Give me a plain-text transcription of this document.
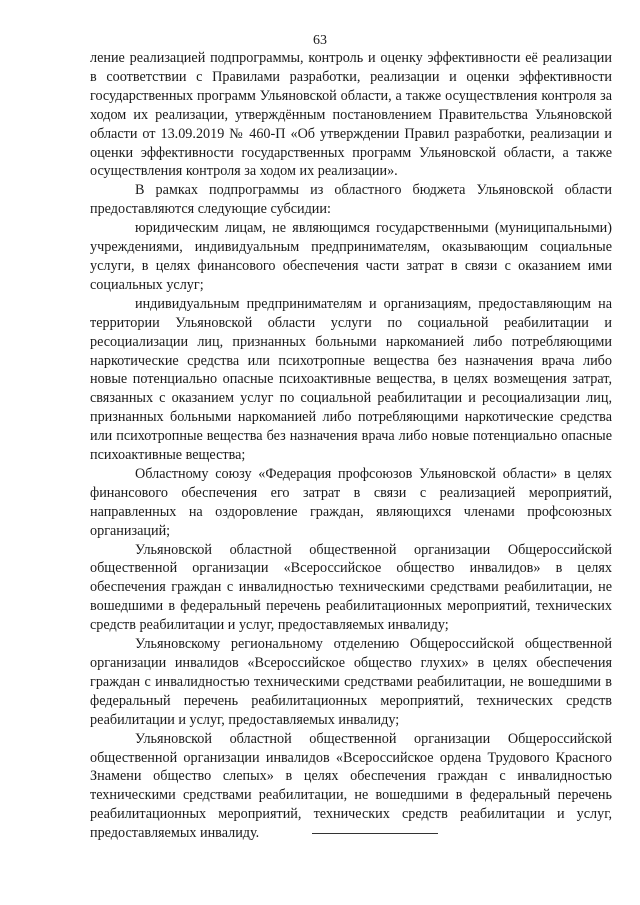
63

ление реализацией подпрограммы, контроль и оценку эффективности её реализации в соответствии с Правилами разработки, реализации и оценки эффективности государственных программ Ульяновской области, а также осуществления контроля за ходом их реализации, утверждённым постановлением Правительства Ульяновской области от 13.09.2019 № 460-П «Об утверждении Правил разработки, реализации и оценки эффективности государственных программ Ульяновской области, а также осуществления контроля за ходом их реализации».

В рамках подпрограммы из областного бюджета Ульяновской области предоставляются следующие субсидии:

юридическим лицам, не являющимся государственными (муниципальными) учреждениями, индивидуальным предпринимателям, оказывающим социальные услуги, в целях финансового обеспечения части затрат в связи с оказанием ими социальных услуг;

индивидуальным предпринимателям и организациям, предоставляющим на территории Ульяновской области услуги по социальной реабилитации и ресоциализации лиц, признанных больными наркоманией либо потребляющими наркотические средства или психотропные вещества без назначения врача либо новые потенциально опасные психоактивные вещества, в целях возмещения затрат, связанных с оказанием услуг по социальной реабилитации и ресоциализации лиц, признанных больными наркоманией либо потребляющими наркотические средства или психотропные вещества без назначения врача либо новые потенциально опасные психоактивные вещества;

Областному союзу «Федерация профсоюзов Ульяновской области» в целях финансового обеспечения его затрат в связи с реализацией мероприятий, направленных на оздоровление граждан, являющихся членами профсоюзных организаций;

Ульяновской областной общественной организации Общероссийской общественной организации «Всероссийское общество инвалидов» в целях обеспечения граждан с инвалидностью техническими средствами реабилитации, не вошедшими в федеральный перечень реабилитационных мероприятий, технических средств реабилитации и услуг, предоставляемых инвалиду;

Ульяновскому региональному отделению Общероссийской общественной организации инвалидов «Всероссийское общество глухих» в целях обеспечения граждан с инвалидностью техническими средствами реабилитации, не вошедшими в федеральный перечень реабилитационных мероприятий, технических средств реабилитации и услуг, предоставляемых инвалиду;

Ульяновской областной общественной организации Общероссийской общественной организации инвалидов «Всероссийское ордена Трудового Красного Знамени общество слепых» в целях обеспечения граждан с инвалидностью техническими средствами реабилитации, не вошедшими в федеральный перечень реабилитационных мероприятий, технических средств реабилитации и услуг, предоставляемых инвалиду.
